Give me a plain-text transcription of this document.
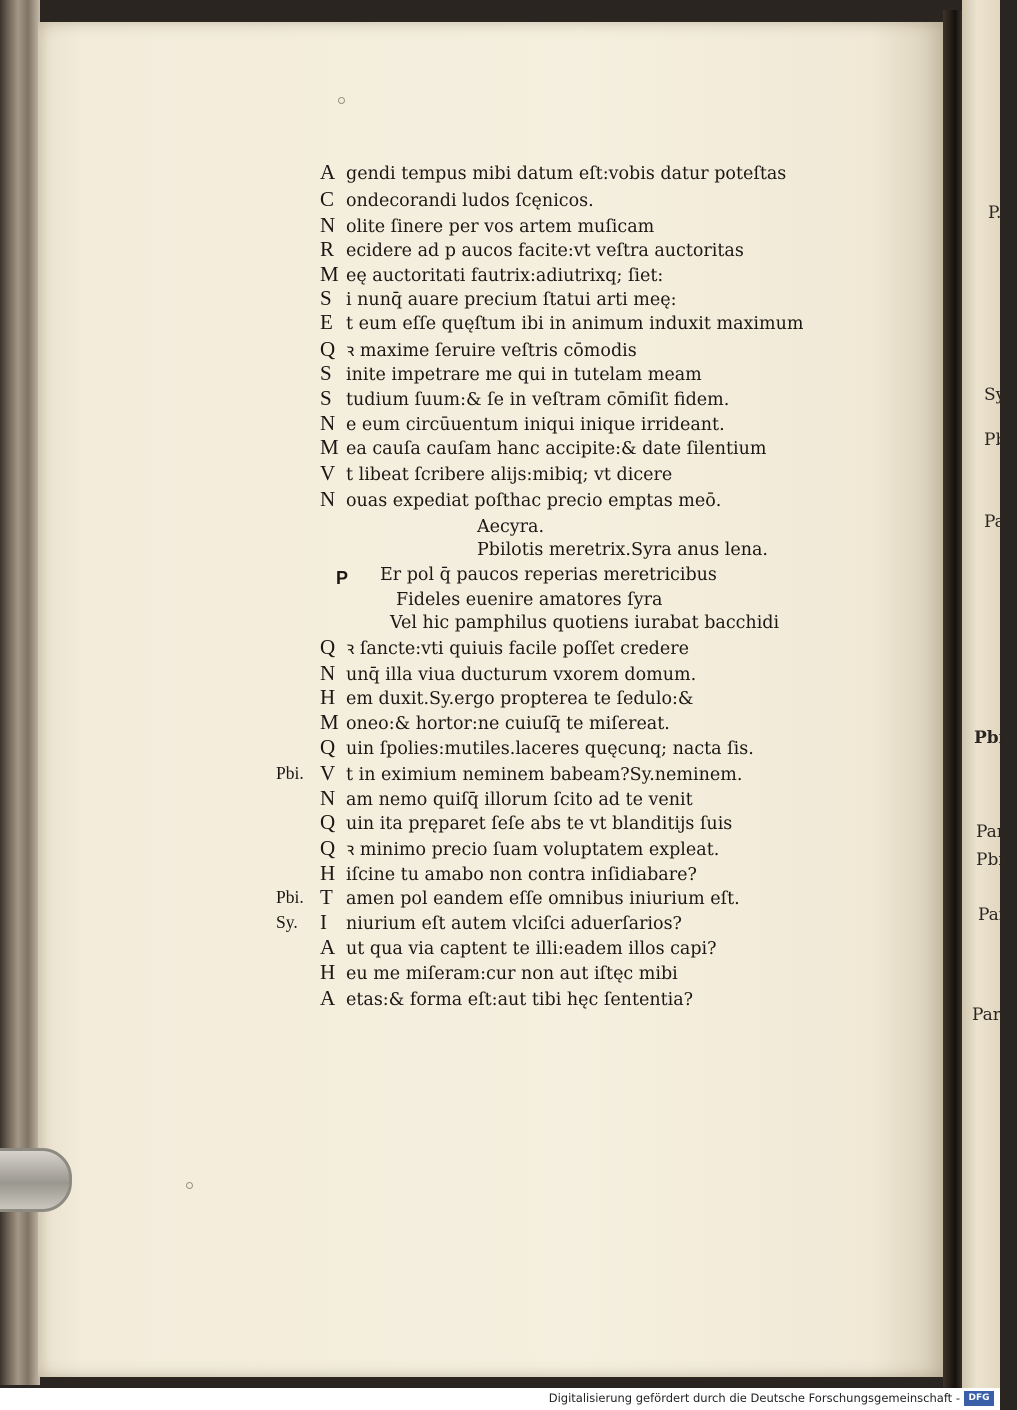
P.
Sy.
Pbi.
Par.
Pbi
Par.
Pbi.
Par.
Par.
A gendi tempus mibi datum eſt:vobis datur poteſtas
C ondecorandi ludos ſcęnicos.
N olite ſinere per vos artem muſicam
R ecidere ad p aucos facite:vt veſtra auctoritas
M eę auctoritati fautrix:adiutrixq; ſiet:
S i nunq̄ auare precium ſtatui arti meę:
E t eum eſſe quęſtum ibi in animum induxit maximum
Q ꝛ maxime ſeruire veſtris cōmodis
S inite impetrare me qui in tutelam meam
S tudium ſuum:& ſe in veſtram cōmiſit fidem.
N e eum circūuentum iniqui inique irrideant.
M ea cauſa cauſam hanc accipite:& date ſilentium
V t libeat ſcribere alijs:mibiq; vt dicere
N ouas expediat poſthac precio emptas meō.
Aecyra.
Pbilotis meretrix.Syra anus lena.
P Er pol q̄ paucos reperias meretricibus
Fideles euenire amatores ſyra
Vel hic pamphilus quotiens iurabat bacchidi
Q ꝛ ſancte:vti quiuis facile poſſet credere
N unq̄ illa viua ducturum vxorem domum.
H em duxit.Sy.ergo propterea te ſedulo:&
M oneo:& hortor:ne cuiuſq̄ te miſereat.
Q uin ſpolies:mutiles.laceres quęcunq; nacta ſis.
Pbi. V t in eximium neminem babeam?Sy.neminem.
N am nemo quiſq̄ illorum ſcito ad te venit
Q uin ita pręparet ſeſe abs te vt blanditijs ſuis
Q ꝛ minimo precio ſuam voluptatem expleat.
H iſcine tu amabo non contra inſidiabare?
Pbi. T amen pol eandem eſſe omnibus iniurium eſt.
Sy. I niurium eſt autem vlciſci aduerſarios?
A ut qua via captent te illi:eadem illos capi?
H eu me miſeram:cur non aut iſtęc mibi
A etas:& forma eſt:aut tibi hęc ſententia?
Digitalisierung gefördert durch die Deutsche Forschungsgemeinschaft - DFG
